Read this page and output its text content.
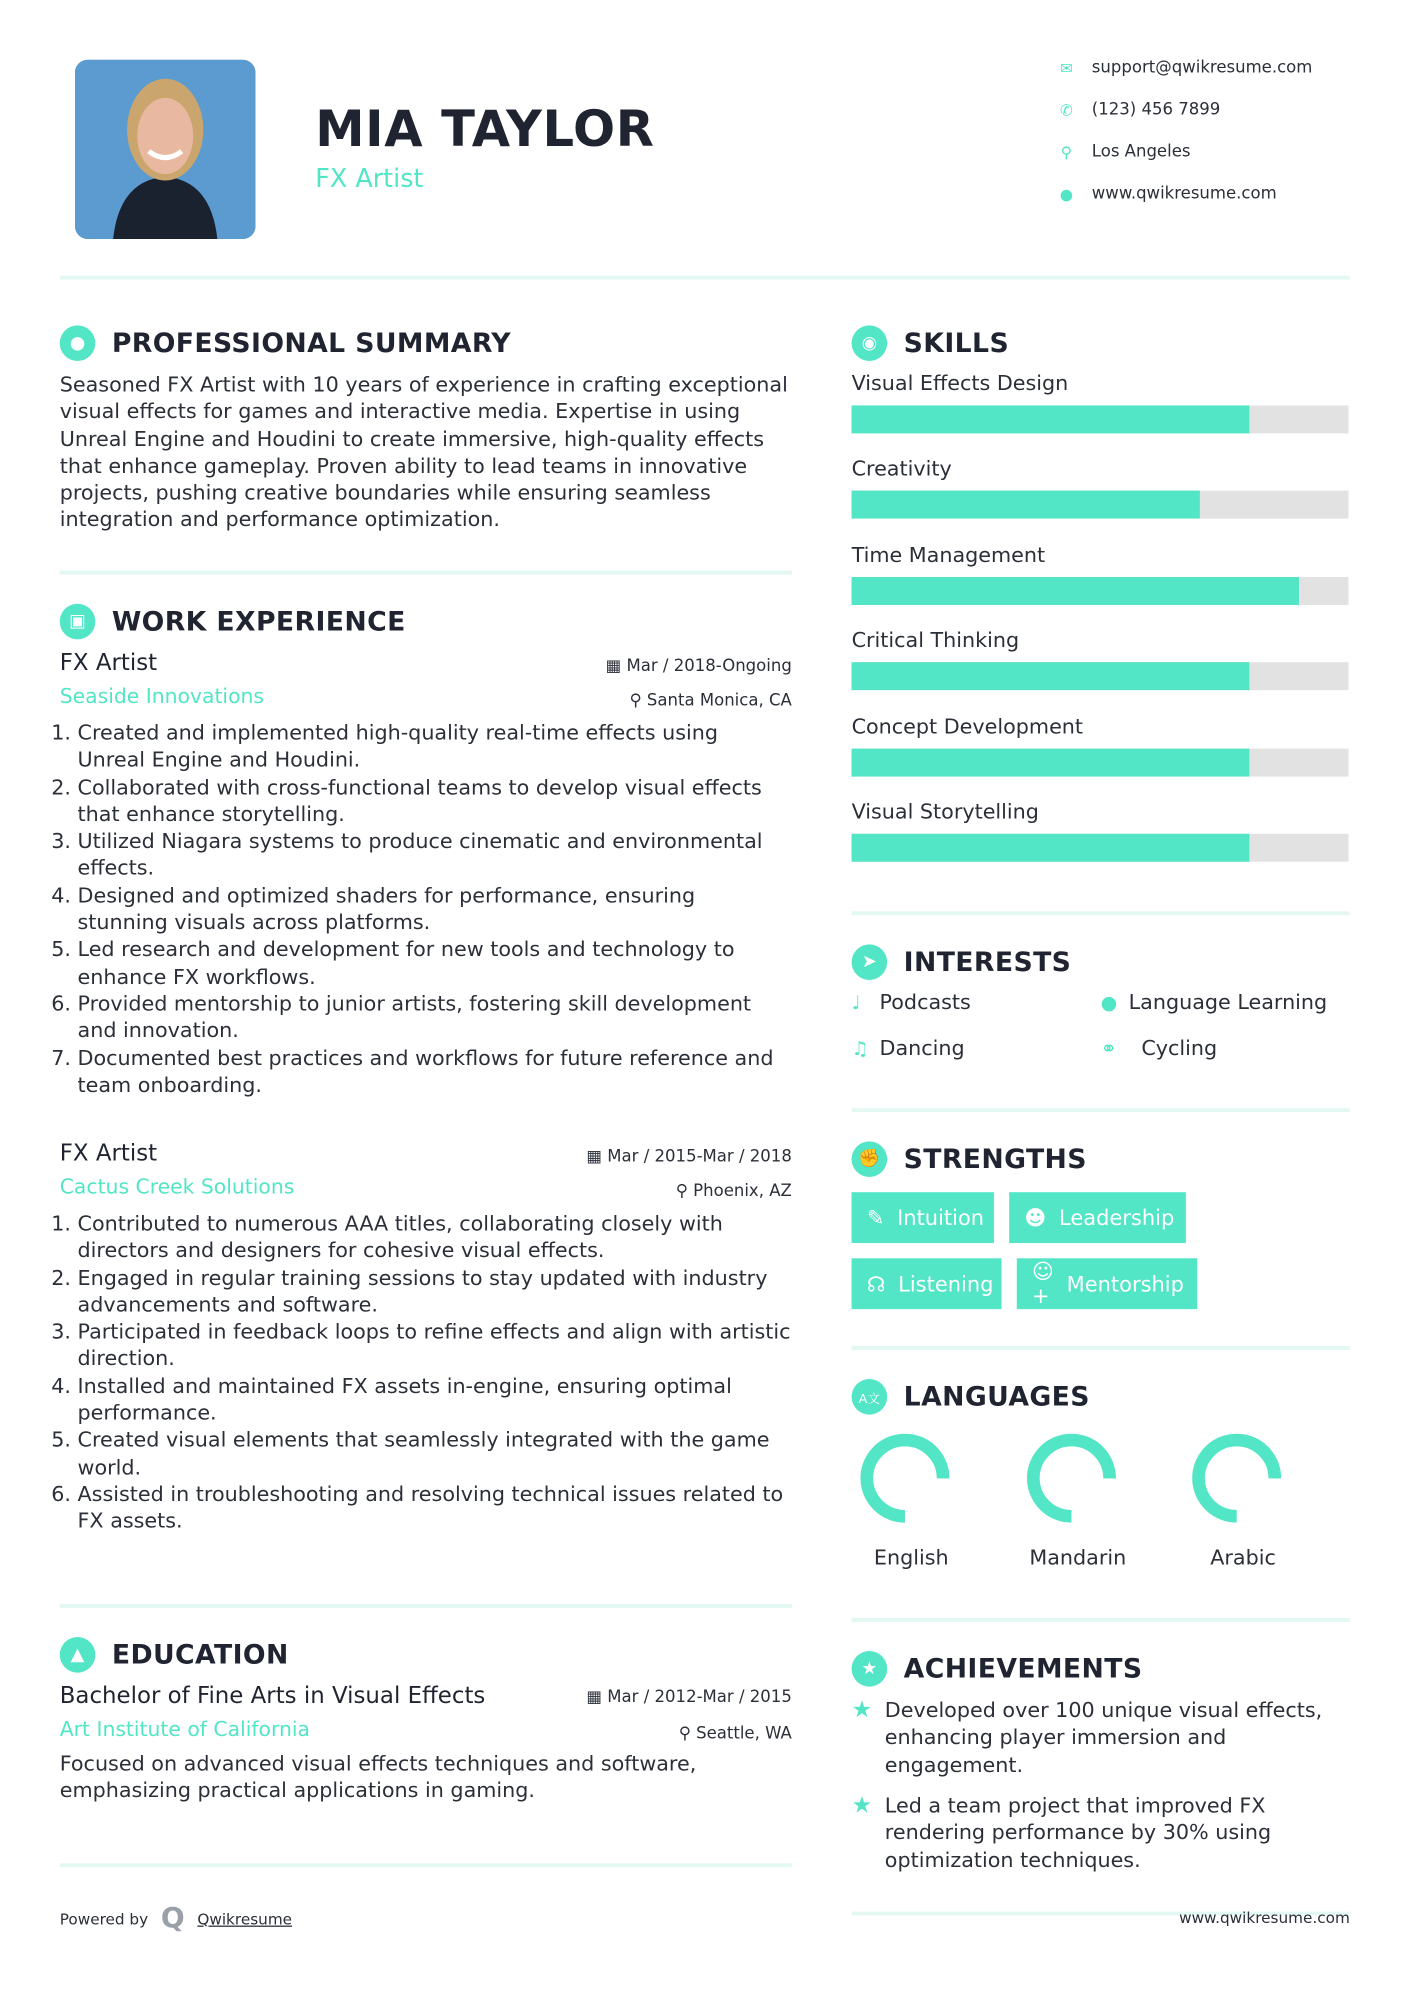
MIA TAYLOR
FX Artist
✉ support@qwikresume.com
✆ (123) 456 7899
⚲ Los Angeles
● www.qwikresume.com
●	PROFESSIONAL SUMMARY
Seasoned FX Artist with 10 years of experience in crafting exceptional visual effects for games and interactive media. Expertise in using Unreal Engine and Houdini to create immersive, high-quality effects that enhance gameplay. Proven ability to lead teams in innovative projects, pushing creative boundaries while ensuring seamless integration and performance optimization.
▣	WORK EXPERIENCE
FX Artist	▦ Mar / 2018-Ongoing
Seaside Innovations	⚲ Santa Monica, CA
1. Created and implemented high-quality real-time effects using Unreal Engine and Houdini.
2. Collaborated with cross-functional teams to develop visual effects that enhance storytelling.
3. Utilized Niagara systems to produce cinematic and environmental effects.
4. Designed and optimized shaders for performance, ensuring stunning visuals across platforms.
5. Led research and development for new tools and technology to enhance FX workflows.
6. Provided mentorship to junior artists, fostering skill development and innovation.
7. Documented best practices and workflows for future reference and team onboarding.
FX Artist	▦ Mar / 2015-Mar / 2018
Cactus Creek Solutions	⚲ Phoenix, AZ
1. Contributed to numerous AAA titles, collaborating closely with directors and designers for cohesive visual effects.
2. Engaged in regular training sessions to stay updated with industry advancements and software.
3. Participated in feedback loops to refine effects and align with artistic direction.
4. Installed and maintained FX assets in-engine, ensuring optimal performance.
5. Created visual elements that seamlessly integrated with the game world.
6. Assisted in troubleshooting and resolving technical issues related to FX assets.
▲	EDUCATION
Bachelor of Fine Arts in Visual Effects	▦ Mar / 2012-Mar / 2015
Art Institute of California	⚲ Seattle, WA
Focused on advanced visual effects techniques and software, emphasizing practical applications in gaming.
Powered by Q Qwikresume
◉	SKILLS
Visual Effects Design
Creativity
Time Management
Critical Thinking
Concept Development
Visual Storytelling
➤	INTERESTS
♩	Podcasts	● Language Learning
♫ Dancing	⚭	Cycling
✊	STRENGTHS
✎ Intuition ☻ Leadership
☊ Listening ☺+ Mentorship
A文	LANGUAGES
English	Mandarin	Arabic
★	ACHIEVEMENTS
★ Developed over 100 unique visual effects, enhancing player immersion and engagement.
★ Led a team project that improved FX rendering performance by 30% using optimization techniques.
www.qwikresume.com
